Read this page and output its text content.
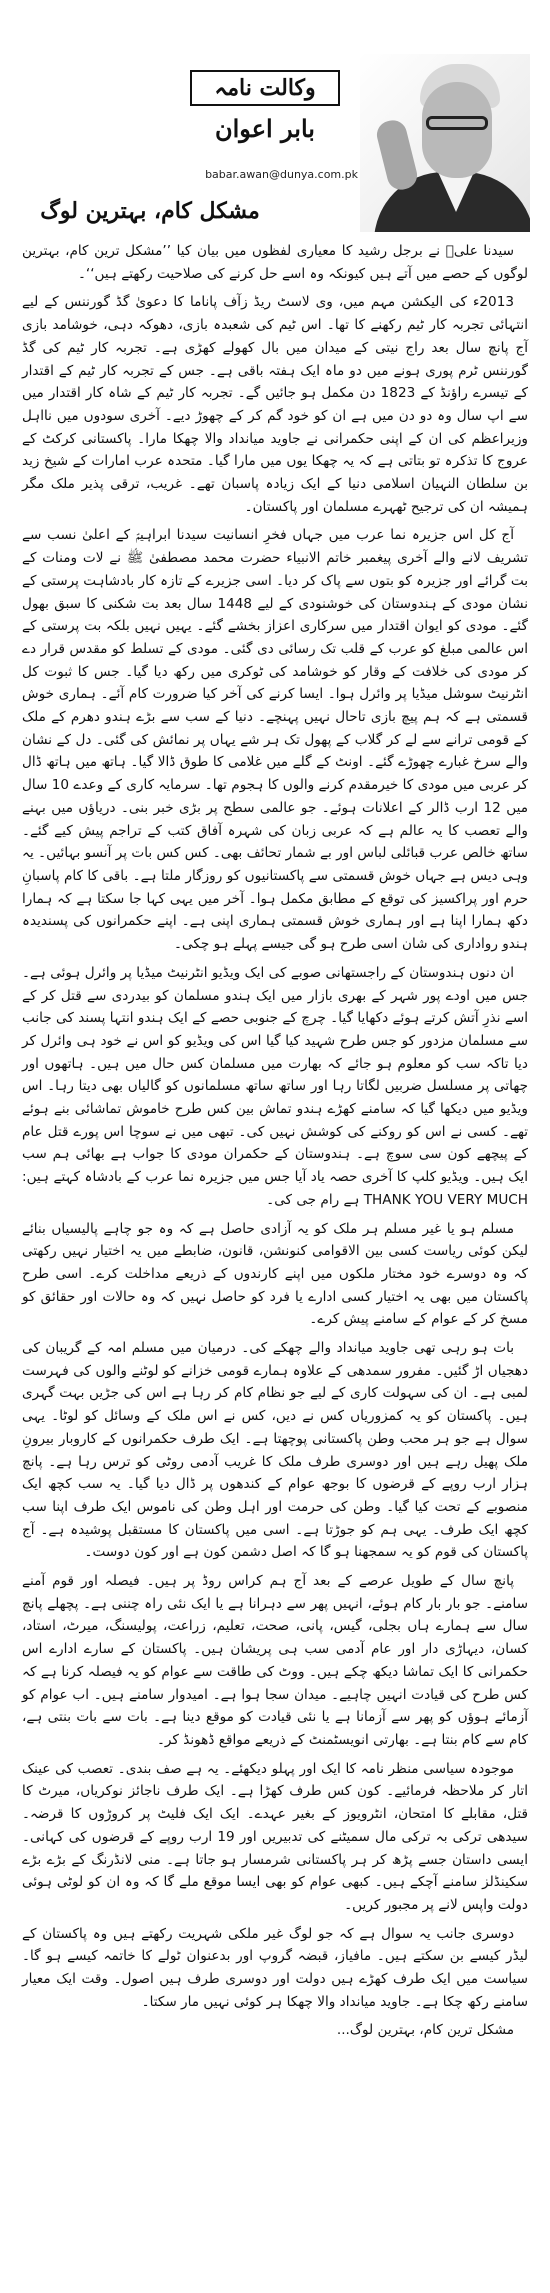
وکالت نامہ
بابر اعوان
babar.awan@dunya.com.pk
مشکل کام، بہترین لوگ

سیدنا علیؓ نے برجل رشید کا معیاری لفظوں میں بیان کیا ’’مشکل ترین کام، بہترین لوگوں کے حصے میں آتے ہیں کیونکہ وہ اسے حل کرنے کی صلاحیت رکھتے ہیں‘‘۔

2013ء کی الیکشن مہم میں، وی لاسٹ ریڈ زآف پاناما کا دعویٰ گڈ گورننس کے لیے انتہائی تجربہ کار ٹیم رکھنے کا تھا۔ اس ٹیم کی شعبدہ بازی، دھوکہ دہی، خوشامد بازی آج پانچ سال بعد راج نیتی کے میدان میں بال کھولے کھڑی ہے۔ تجربہ کار ٹیم کی گڈ گورننس ٹرم پوری ہونے میں دو ماہ ایک ہفتہ باقی ہے۔ جس کے تجربہ کار ٹیم کے اقتدار کے تیسرے راؤنڈ کے 1823 دن مکمل ہو جائیں گے۔ تجربہ کار ٹیم کے شاہ کار اقتدار میں سے اپ سال وہ دو دن میں ہے ان کو خود گم کر کے چھوڑ دیے۔ آخری سودوں میں نااہل وزیراعظم کی ان کے اپنی حکمرانی نے جاوید میانداد والا چھکا مارا۔ پاکستانی کرکٹ کے عروج کا تذکرہ تو بتاتی ہے کہ یہ چھکا یوں میں مارا گیا۔ متحدہ عرب امارات کے شیخ زید بن سلطان النہیان اسلامی دنیا کے ایک زیادہ پاسبان تھے۔ غریب، ترقی پذیر ملک مگر ہمیشہ ان کی ترجیح ٹھہرے مسلمان اور پاکستان۔

آج کل اس جزیرہ نما عرب میں جہاں فخرِ انسانیت سیدنا ابراہیمؑ کے اعلیٰ نسب سے تشریف لانے والے آخری پیغمبر خاتم الانبیاء حضرت محمد مصطفیٰ ﷺ نے لات ومنات کے بت گرائے اور جزیرہ کو بتوں سے پاک کر دیا۔ اسی جزیرے کے تازہ کار بادشاہت پرستی کے نشان مودی کے ہندوستان کی خوشنودی کے لیے 1448 سال بعد بت شکنی کا سبق بھول گئے۔ مودی کو ایوان اقتدار میں سرکاری اعزاز بخشے گئے۔ یہیں نہیں بلکہ بت پرستی کے اس عالمی مبلغ کو عرب کے قلب تک رسائی دی گئی۔ مودی کے تسلط کو مقدس قرار دے کر مودی کی خلافت کے وقار کو خوشامد کی ٹوکری میں رکھ دیا گیا۔ جس کا ثبوت کل انٹرنیٹ سوشل میڈیا پر وائرل ہوا۔ ایسا کرنے کی آخر کیا ضرورت کام آئے۔ ہماری خوش قسمتی ہے کہ ہم پیچ بازی تاحال نہیں پہنچے۔ دنیا کے سب سے بڑے ہندو دھرم کے ملک کے قومی ترانے سے لے کر گلاب کے پھول تک ہر شے یہاں پر نمائش کی گئی۔ دل کے نشان والے سرخ غبارے چھوڑے گئے۔ اونٹ کے گلے میں غلامی کا طوق ڈالا گیا۔ ہاتھ میں ہاتھ ڈال کر عربی میں مودی کا خیرمقدم کرنے والوں کا ہجوم تھا۔ سرمایہ کاری کے وعدے 10 سال میں 12 ارب ڈالر کے اعلانات ہوئے۔ جو عالمی سطح پر بڑی خبر بنی۔ دریاؤں میں بہنے والے تعصب کا یہ عالم ہے کہ عربی زبان کی شہرہ آفاق کتب کے تراجم پیش کیے گئے۔ ساتھ خالص عرب قبائلی لباس اور بے شمار تحائف بھی۔ کس کس بات پر آنسو بہائیں۔ یہ وہی دیس ہے جہاں خوش قسمتی سے پاکستانیوں کو روزگار ملتا ہے۔ باقی کا کام پاسبانِ حرم اور پراکسیز کی توقع کے مطابق مکمل ہوا۔ آخر میں یہی کہا جا سکتا ہے کہ ہمارا دکھ ہمارا اپنا ہے اور ہماری خوش قسمتی ہماری اپنی ہے۔ اپنے حکمرانوں کی پسندیدہ ہندو رواداری کی شان اسی طرح ہو گی جیسے پہلے ہو چکی۔

ان دنوں ہندوستان کے راجستھانی صوبے کی ایک ویڈیو انٹرنیٹ میڈیا پر وائرل ہوئی ہے۔ جس میں اودے پور شہر کے بھری بازار میں ایک ہندو مسلمان کو بیدردی سے قتل کر کے اسے نذرِ آتش کرتے ہوئے دکھایا گیا۔ چرچ کے جنوبی حصے کے ایک ہندو انتہا پسند کی جانب سے مسلمان مزدور کو جس طرح شہید کیا گیا اس کی ویڈیو کو اس نے خود ہی وائرل کر دیا تاکہ سب کو معلوم ہو جائے کہ بھارت میں مسلمان کس حال میں ہیں۔ ہاتھوں اور چھاتی پر مسلسل ضربیں لگاتا رہا اور ساتھ ساتھ مسلمانوں کو گالیاں بھی دیتا رہا۔ اس ویڈیو میں دیکھا گیا کہ سامنے کھڑے ہندو تماش بین کس طرح خاموش تماشائی بنے ہوئے تھے۔ کسی نے اس کو روکنے کی کوشش نہیں کی۔ تبھی میں نے سوچا اس پورے قتل عام کے پیچھے کون سی سوچ ہے۔ ہندوستان کے حکمران مودی کا جواب ہے بھائی ہم سب ایک ہیں۔ ویڈیو کلپ کا آخری حصہ یاد آیا جس میں جزیرہ نما عرب کے بادشاہ کہتے ہیں: THANK YOU VERY MUCH ہے رام جی کی۔

مسلم ہو یا غیر مسلم ہر ملک کو یہ آزادی حاصل ہے کہ وہ جو چاہے پالیسیاں بنائے لیکن کوئی ریاست کسی بین الاقوامی کنونشن، قانون، ضابطے میں یہ اختیار نہیں رکھتی کہ وہ دوسرے خود مختار ملکوں میں اپنے کارندوں کے ذریعے مداخلت کرے۔ اسی طرح پاکستان میں بھی یہ اختیار کسی ادارے یا فرد کو حاصل نہیں کہ وہ حالات اور حقائق کو مسخ کر کے عوام کے سامنے پیش کرے۔

بات ہو رہی تھی جاوید میانداد والے چھکے کی۔ درمیان میں مسلم امہ کے گریبان کی دھجیاں اڑ گئیں۔ مفرور سمدھی کے علاوہ ہمارے قومی خزانے کو لوٹنے والوں کی فہرست لمبی ہے۔ ان کی سہولت کاری کے لیے جو نظام کام کر رہا ہے اس کی جڑیں بہت گہری ہیں۔ پاکستان کو یہ کمزوریاں کس نے دیں، کس نے اس ملک کے وسائل کو لوٹا۔ یہی سوال ہے جو ہر محب وطن پاکستانی پوچھتا ہے۔ ایک طرف حکمرانوں کے کاروبار بیرونِ ملک پھیل رہے ہیں اور دوسری طرف ملک کا غریب آدمی روٹی کو ترس رہا ہے۔ پانچ ہزار ارب روپے کے قرضوں کا بوجھ عوام کے کندھوں پر ڈال دیا گیا۔ یہ سب کچھ ایک منصوبے کے تحت کیا گیا۔ وطن کی حرمت اور اہل وطن کی ناموس ایک طرف اپنا سب کچھ ایک طرف۔ یہی ہم کو جوڑتا ہے۔ اسی میں پاکستان کا مستقبل پوشیدہ ہے۔ آج پاکستان کی قوم کو یہ سمجھنا ہو گا کہ اصل دشمن کون ہے اور کون دوست۔

پانچ سال کے طویل عرصے کے بعد آج ہم کراس روڈ پر ہیں۔ فیصلہ اور قوم آمنے سامنے۔ جو بار بار کام ہوئے، انہیں پھر سے دہرانا ہے یا ایک نئی راہ چننی ہے۔ پچھلے پانچ سال سے ہمارے ہاں بجلی، گیس، پانی، صحت، تعلیم، زراعت، پولیسنگ، میرٹ، استاد، کسان، دیہاڑی دار اور عام آدمی سب ہی پریشان ہیں۔ پاکستان کے سارے ادارے اس حکمرانی کا ایک تماشا دیکھ چکے ہیں۔ ووٹ کی طاقت سے عوام کو یہ فیصلہ کرنا ہے کہ کس طرح کی قیادت انہیں چاہیے۔ میدان سجا ہوا ہے۔ امیدوار سامنے ہیں۔ اب عوام کو آزمائے ہوؤں کو پھر سے آزمانا ہے یا نئی قیادت کو موقع دینا ہے۔ بات سے بات بنتی ہے، کام سے کام بنتا ہے۔ بھارتی انویسٹمنٹ کے ذریعے مواقع ڈھونڈ کر۔

موجودہ سیاسی منظر نامہ کا ایک اور پہلو دیکھئے۔ یہ ہے صف بندی۔ تعصب کی عینک اتار کر ملاحظہ فرمائیے۔ کون کس طرف کھڑا ہے۔ ایک طرف ناجائز نوکریاں، میرٹ کا قتل، مقابلے کا امتحان، انٹرویوز کے بغیر عہدے۔ ایک ایک فلیٹ پر کروڑوں کا قرضہ۔ سیدھی ترکی بہ ترکی مال سمیٹنے کی تدبیریں اور 19 ارب روپے کے قرضوں کی کہانی۔ ایسی داستان جسے پڑھ کر ہر پاکستانی شرمسار ہو جاتا ہے۔ منی لانڈرنگ کے بڑے بڑے سکینڈلز سامنے آچکے ہیں۔ کبھی عوام کو بھی ایسا موقع ملے گا کہ وہ ان کو لوٹی ہوئی دولت واپس لانے پر مجبور کریں۔

دوسری جانب یہ سوال ہے کہ جو لوگ غیر ملکی شہریت رکھتے ہیں وہ پاکستان کے لیڈر کیسے بن سکتے ہیں۔ مافیاز، قبضہ گروپ اور بدعنوان ٹولے کا خاتمہ کیسے ہو گا۔ سیاست میں ایک طرف کھڑے ہیں دولت اور دوسری طرف ہیں اصول۔ وقت ایک معیار سامنے رکھ چکا ہے۔ جاوید میانداد والا چھکا ہر کوئی نہیں مار سکتا۔

مشکل ترین کام، بہترین لوگ...
